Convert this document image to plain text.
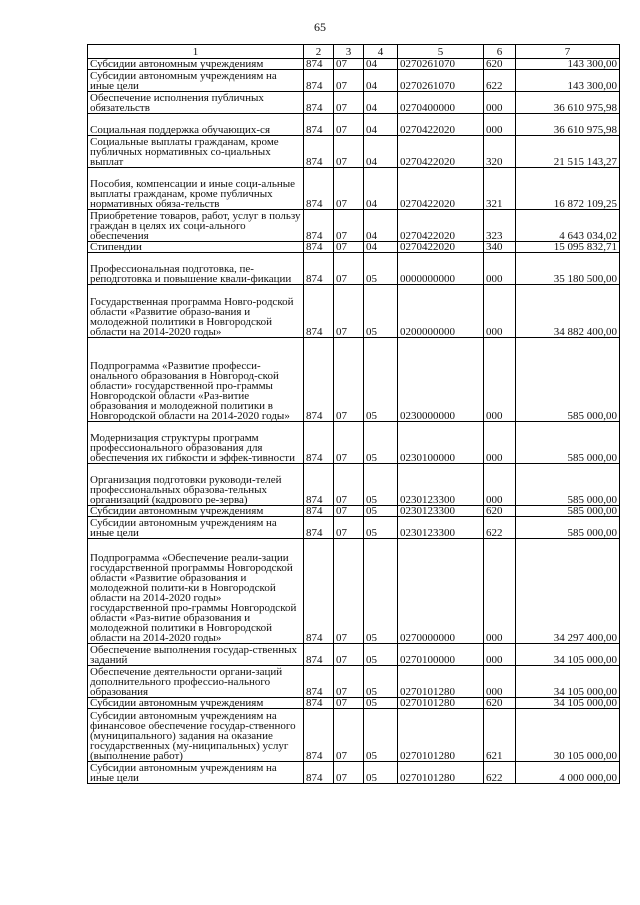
65
1	2	3	4	5	6	7
Субсидии автономным учреждениям	874	07	04	0270261070	620	143 300,00
Субсидии автономным учреждениям на иные цели	874	07	04	0270261070	622	143 300,00
Обеспечение исполнения публичных обязательств	874	07	04	0270400000	000	36 610 975,98
Социальная поддержка обучающих-ся	874	07	04	0270422020	000	36 610 975,98
Социальные выплаты гражданам, кроме публичных нормативных со-циальных выплат	874	07	04	0270422020	320	21 515 143,27
Пособия, компенсации и иные соци-альные выплаты гражданам, кроме публичных нормативных обяза-тельств	874	07	04	0270422020	321	16 872 109,25
Приобретение товаров, работ, услуг в пользу граждан в целях их соци-ального обеспечения	874	07	04	0270422020	323	4 643 034,02
Стипендии	874	07	04	0270422020	340	15 095 832,71
Профессиональная подготовка, пе-реподготовка и повышение квали-фикации	874	07	05	0000000000	000	35 180 500,00
Государственная программа Новго-родской области «Развитие образо-вания и молодежной политики в Новгородской области на 2014-2020 годы»	874	07	05	0200000000	000	34 882 400,00
Подпрограмма «Развитие професси-онального образования в Новгород-ской области» государственной про-граммы Новгородской области «Раз-витие образования и молодежной политики в Новгородской области на 2014-2020 годы»	874	07	05	0230000000	000	585 000,00
Модернизация структуры программ профессионального образования для обеспечения их гибкости и эффек-тивности	874	07	05	0230100000	000	585 000,00
Организация подготовки руководи-телей профессиональных образова-тельных организаций (кадрового ре-зерва)	874	07	05	0230123300	000	585 000,00
Субсидии автономным учреждениям	874	07	05	0230123300	620	585 000,00
Субсидии автономным учреждениям на иные цели	874	07	05	0230123300	622	585 000,00
Подпрограмма «Обеспечение реали-зации государственной программы Новгородской области «Развитие образования и молодежной полити-ки в Новгородской области на 2014-2020 годы» государственной про-граммы Новгородской области «Раз-витие образования и молодежной политики в Новгородской области на 2014-2020 годы»	874	07	05	0270000000	000	34 297 400,00
Обеспечение выполнения государ-ственных заданий	874	07	05	0270100000	000	34 105 000,00
Обеспечение деятельности органи-заций дополнительного профессио-нального образования	874	07	05	0270101280	000	34 105 000,00
Субсидии автономным учреждениям	874	07	05	0270101280	620	34 105 000,00
Субсидии автономным учреждениям на финансовое обеспечение государ-ственного (муниципального) задания на оказание государственных (му-ниципальных) услуг (выполнение работ)	874	07	05	0270101280	621	30 105 000,00
Субсидии автономным учреждениям на иные цели	874	07	05	0270101280	622	4 000 000,00
